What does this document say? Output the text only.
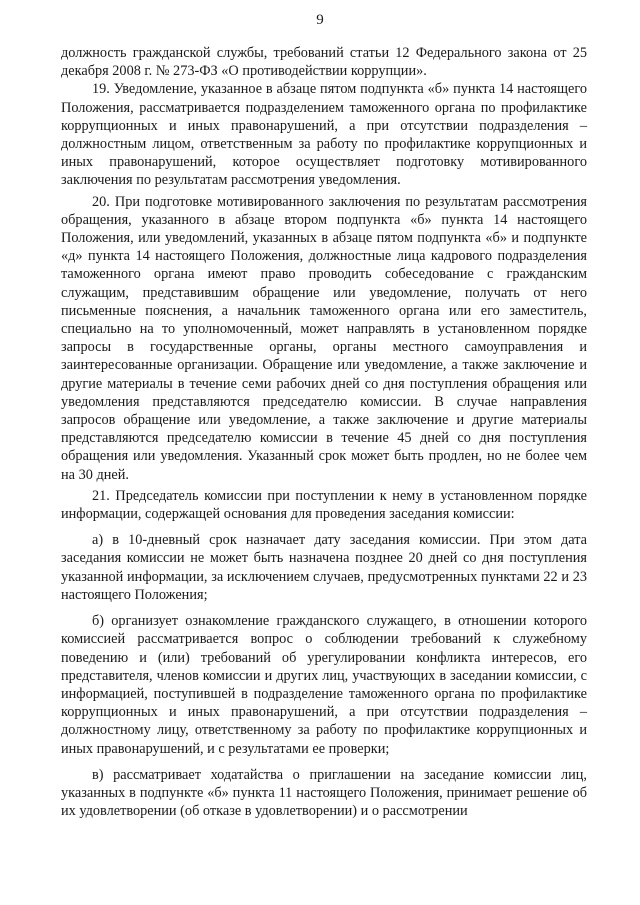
9

должность гражданской службы, требований статьи 12 Федерального закона от 25 декабря 2008 г. № 273-ФЗ «О противодействии коррупции».

19. Уведомление, указанное в абзаце пятом подпункта «б» пункта 14 настоящего Положения, рассматривается подразделением таможенного органа по профилактике коррупционных и иных правонарушений, а при отсутствии подразделения – должностным лицом, ответственным за работу по профилактике коррупционных и иных правонарушений, которое осуществляет подготовку мотивированного заключения по результатам рассмотрения уведомления.

20. При подготовке мотивированного заключения по результатам рассмотрения обращения, указанного в абзаце втором подпункта «б» пункта 14 настоящего Положения, или уведомлений, указанных в абзаце пятом подпункта «б» и подпункте «д» пункта 14 настоящего Положения, должностные лица кадрового подразделения таможенного органа имеют право проводить собеседование с гражданским служащим, представившим обращение или уведомление, получать от него письменные пояснения, а начальник таможенного органа или его заместитель, специально на то уполномоченный, может направлять в установленном порядке запросы в государственные органы, органы местного самоуправления и заинтересованные организации. Обращение или уведомление, а также заключение и другие материалы в течение семи рабочих дней со дня поступления обращения или уведомления представляются председателю комиссии. В случае направления запросов обращение или уведомление, а также заключение и другие материалы представляются председателю комиссии в течение 45 дней со дня поступления обращения или уведомления. Указанный срок может быть продлен, но не более чем на 30 дней.

21. Председатель комиссии при поступлении к нему в установленном порядке информации, содержащей основания для проведения заседания комиссии:

а) в 10-дневный срок назначает дату заседания комиссии. При этом дата заседания комиссии не может быть назначена позднее 20 дней со дня поступления указанной информации, за исключением случаев, предусмотренных пунктами 22 и 23 настоящего Положения;

б) организует ознакомление гражданского служащего, в отношении которого комиссией рассматривается вопрос о соблюдении требований к служебному поведению и (или) требований об урегулировании конфликта интересов, его представителя, членов комиссии и других лиц, участвующих в заседании комиссии, с информацией, поступившей в подразделение таможенного органа по профилактике коррупционных и иных правонарушений, а при отсутствии подразделения – должностному лицу, ответственному за работу по профилактике коррупционных и иных правонарушений, и с результатами ее проверки;

в) рассматривает ходатайства о приглашении на заседание комиссии лиц, указанных в подпункте «б» пункта 11 настоящего Положения, принимает решение об их удовлетворении (об отказе в удовлетворении) и о рассмотрении
